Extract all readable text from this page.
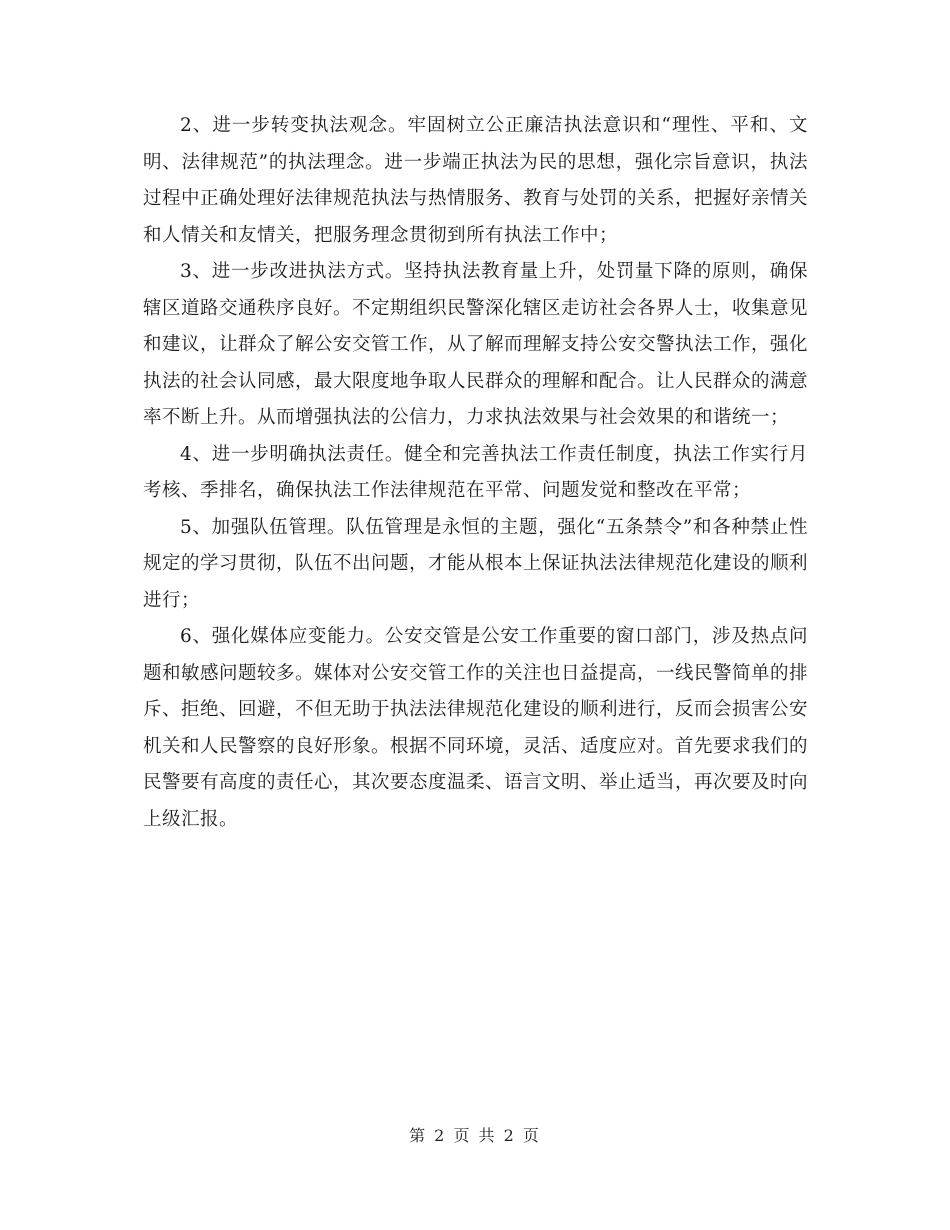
2、进一步转变执法观念。牢固树立公正廉洁执法意识和“理性、平和、文明、法律规范”的执法理念。进一步端正执法为民的思想，强化宗旨意识，执法过程中正确处理好法律规范执法与热情服务、教育与处罚的关系，把握好亲情关和人情关和友情关，把服务理念贯彻到所有执法工作中；

3、进一步改进执法方式。坚持执法教育量上升，处罚量下降的原则，确保辖区道路交通秩序良好。不定期组织民警深化辖区走访社会各界人士，收集意见和建议，让群众了解公安交管工作，从了解而理解支持公安交警执法工作，强化执法的社会认同感，最大限度地争取人民群众的理解和配合。让人民群众的满意率不断上升。从而增强执法的公信力，力求执法效果与社会效果的和谐统一；

4、进一步明确执法责任。健全和完善执法工作责任制度，执法工作实行月考核、季排名，确保执法工作法律规范在平常、问题发觉和整改在平常；

5、加强队伍管理。队伍管理是永恒的主题，强化“五条禁令”和各种禁止性规定的学习贯彻，队伍不出问题，才能从根本上保证执法法律规范化建设的顺利进行；

6、强化媒体应变能力。公安交管是公安工作重要的窗口部门，涉及热点问题和敏感问题较多。媒体对公安交管工作的关注也日益提高，一线民警简单的排斥、拒绝、回避，不但无助于执法法律规范化建设的顺利进行，反而会损害公安机关和人民警察的良好形象。根据不同环境，灵活、适度应对。首先要求我们的民警要有高度的责任心，其次要态度温柔、语言文明、举止适当，再次要及时向上级汇报。

第 2 页 共 2 页
